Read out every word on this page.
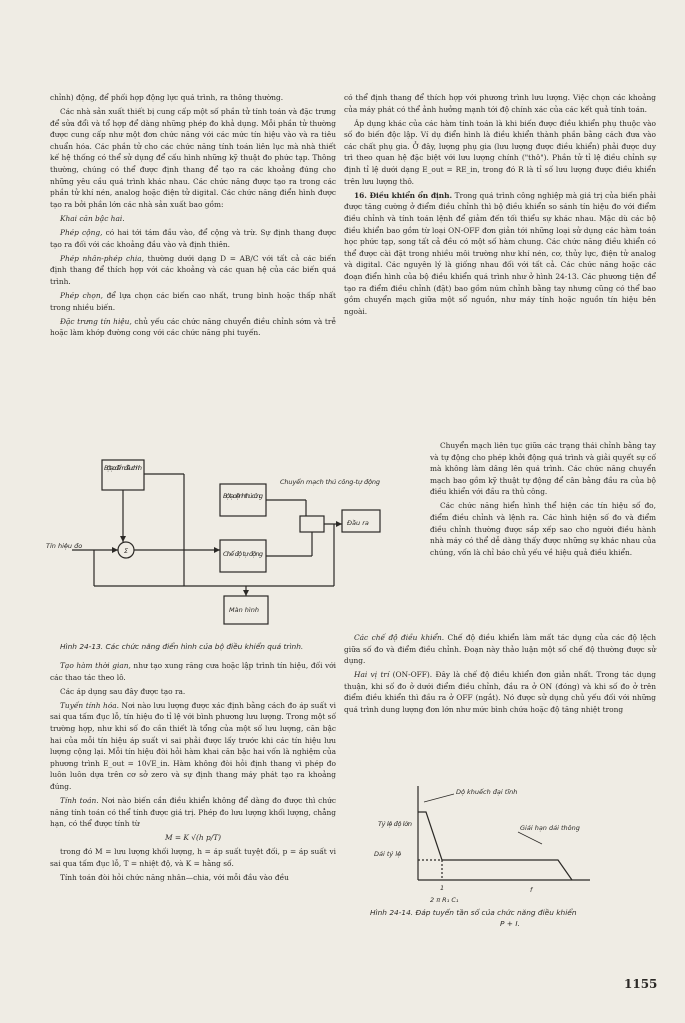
chỉnh) động, để phối hợp động lực quá trình, ra thông thường.

Các nhà sản xuất thiết bị cung cấp một số phần tử tính toán và đặc trưng để sửa đổi và tổ hợp để dàng những phép đo khả dụng. Mỗi phần tử thường được cung cấp như một đơn chức năng với các mức tín hiệu vào và ra tiêu chuẩn hóa. Các phần tử cho các chức năng tính toán liên lục mà nhà thiết kế hệ thống có thể sử dụng để cấu hình những kỹ thuật đo phức tạp. Thông thường, chúng có thể được định thang để tạo ra các khoảng đúng cho những yêu cầu quá trình khác nhau. Các chức năng được tạo ra trong các phần tử khí nén, analog hoặc điện tử digital. Các chức năng điển hình được tạo ra bởi phần lớn các nhà sản xuất bao gồm:

Khai căn bậc hai.

Phép cộng, có hai tới tám đầu vào, để cộng và trừ. Sự định thang được tạo ra đối với các khoảng đầu vào và định thiên.

Phép nhân-phép chia, thường dưới dạng D = AB/C với tất cả các biến định thang để thích hợp với các khoảng và các quan hệ của các biến quá trình.

Phép chọn, để lựa chọn các biến cao nhất, trung bình hoặc thấp nhất trong nhiều biến.

Đặc trưng tín hiệu, chủ yếu các chức năng chuyển điều chỉnh sớm và trễ hoặc làm khớp đường cong với các chức năng phi tuyến.

Σ
Bộ tạo điểm điều chỉnh
Bộ tạo lệnh thủ công
Chế độ tự động
Đầu ra
Màn hình
Chuyển mạch thủ công-tự động
Tín hiệu đo
Hình 24-13. Các chức năng điển hình của bộ điều khiển quá trình.

Tạo hàm thời gian, như tạo xung răng cưa hoặc lập trình tín hiệu, đối với các thao tác theo lô.

Các áp dụng sau đây được tạo ra.

Tuyến tính hóa. Nơi nào lưu lượng được xác định bằng cách đo áp suất vi sai qua tấm đục lỗ, tín hiệu đo tỉ lệ với bình phương lưu lượng. Trong một số trường hợp, như khi số đo cần thiết là tổng của một số lưu lượng, căn bậc hai của mỗi tín hiệu áp suất vi sai phải được lấy trước khi các tín hiệu lưu lượng cộng lại. Mỗi tín hiệu đòi hỏi hàm khai căn bậc hai vốn là nghiệm của phương trình E_out = 10√E_in. Hàm không đòi hỏi định thang vì phép đo luôn luôn dựa trên cơ sở zero và sự định thang máy phát tạo ra khoảng đúng.

Tính toán. Nơi nào biến cần điều khiển không để dàng đo được thì chức năng tính toán có thể tính được giá trị. Phép đo lưu lượng khối lượng, chẳng hạn, có thể được tính từ

M = K √(h p/T)

trong đó M = lưu lượng khối lượng, h = áp suất tuyệt đối, p = áp suất vi sai qua tấm đục lỗ, T = nhiệt độ, và K = hằng số.

Tính toán đòi hỏi chức năng nhân—chia, với mỗi đầu vào đều

có thể định thang để thích hợp với phương trình lưu lượng. Việc chọn các khoảng của máy phát có thể ảnh hưởng mạnh tới độ chính xác của các kết quả tính toán.

Áp dụng khác của các hàm tính toán là khi biến được điều khiển phụ thuộc vào số đo biến độc lập. Ví dụ điển hình là điều khiển thành phần bằng cách đưa vào các chất phụ gia. Ở đây, lượng phụ gia (lưu lượng được điều khiển) phải được duy trì theo quan hệ đặc biệt với lưu lượng chính ("thô"). Phần tử tỉ lệ điều chỉnh sự định tỉ lệ dưới dạng E_out = RE_in, trong đó R là tỉ số lưu lượng được điều khiển trên lưu lượng thô.

16. Điều khiển ổn định. Trong quá trình công nghiệp mà giá trị của biến phải được tăng cường ở điểm điều chỉnh thì bộ điều khiển so sánh tín hiệu đo với điểm điều chỉnh và tính toán lệnh để giảm đến tối thiểu sự khác nhau. Mặc dù các bộ điều khiển bao gồm từ loại ON-OFF đơn giản tới những loại sử dụng các hàm toán học phức tạp, song tất cả đều có một số hàm chung. Các chức năng điều khiển có thể được cài đặt trong nhiều môi trường như khí nén, cơ, thủy lực, điện tử analog và digital. Các nguyên lý là giống nhau đối với tất cả. Các chức năng hoặc các đoạn điển hình của bộ điều khiển quá trình như ở hình 24-13. Các phương tiện để tạo ra điểm điều chỉnh (đặt) bao gồm núm chỉnh bằng tay nhưng cũng có thể bao gồm chuyển mạch giữa một số nguồn, như máy tính hoặc nguồn tín hiệu bên ngoài.

Chuyển mạch liên tục giữa các trạng thái chỉnh bằng tay và tự động cho phép khởi động quá trình và giải quyết sự cố mà không làm dâng lên quá trình. Các chức năng chuyển mạch bao gồm kỹ thuật tự động để cân bằng đầu ra của bộ điều khiển với đầu ra thủ công.

Các chức năng hiển hình thể hiện các tín hiệu số đo, điểm điều chỉnh và lệnh ra. Các hình hiện số đo và điểm điều chỉnh thường được sắp xếp sao cho người điều hành nhà máy có thể dễ dàng thấy được những sự khác nhau của chúng, vốn là chỉ báo chủ yếu về hiệu quả điều khiển.

Các chế độ điều khiển. Chế độ điều khiển làm mất tác dụng của các độ lệch giữa số đo và điểm điều chỉnh. Đoạn này thảo luận một số chế độ thường được sử dụng.

Hai vị trí (ON-OFF). Đây là chế độ điều khiển đơn giản nhất. Trong tác dụng thuận, khi số đo ở dưới điểm điều chỉnh, đầu ra ở ON (đóng) và khi số đo ở trên điểm điều khiển thì đầu ra ở OFF (ngắt). Nó được sử dụng chủ yếu đối với những quá trình dung lượng đơn lớn như mức bình chứa hoặc độ tăng nhiệt trong

Dộ khuếch đại tĩnh
Tỷ lệ độ lớn
Dải tỷ lệ
Giải hạn dải thông
f
1
2 π R₁ C₁
Hình 24-14. Đáp tuyến tần số của chức năng điều khiển
P + I.
1155
